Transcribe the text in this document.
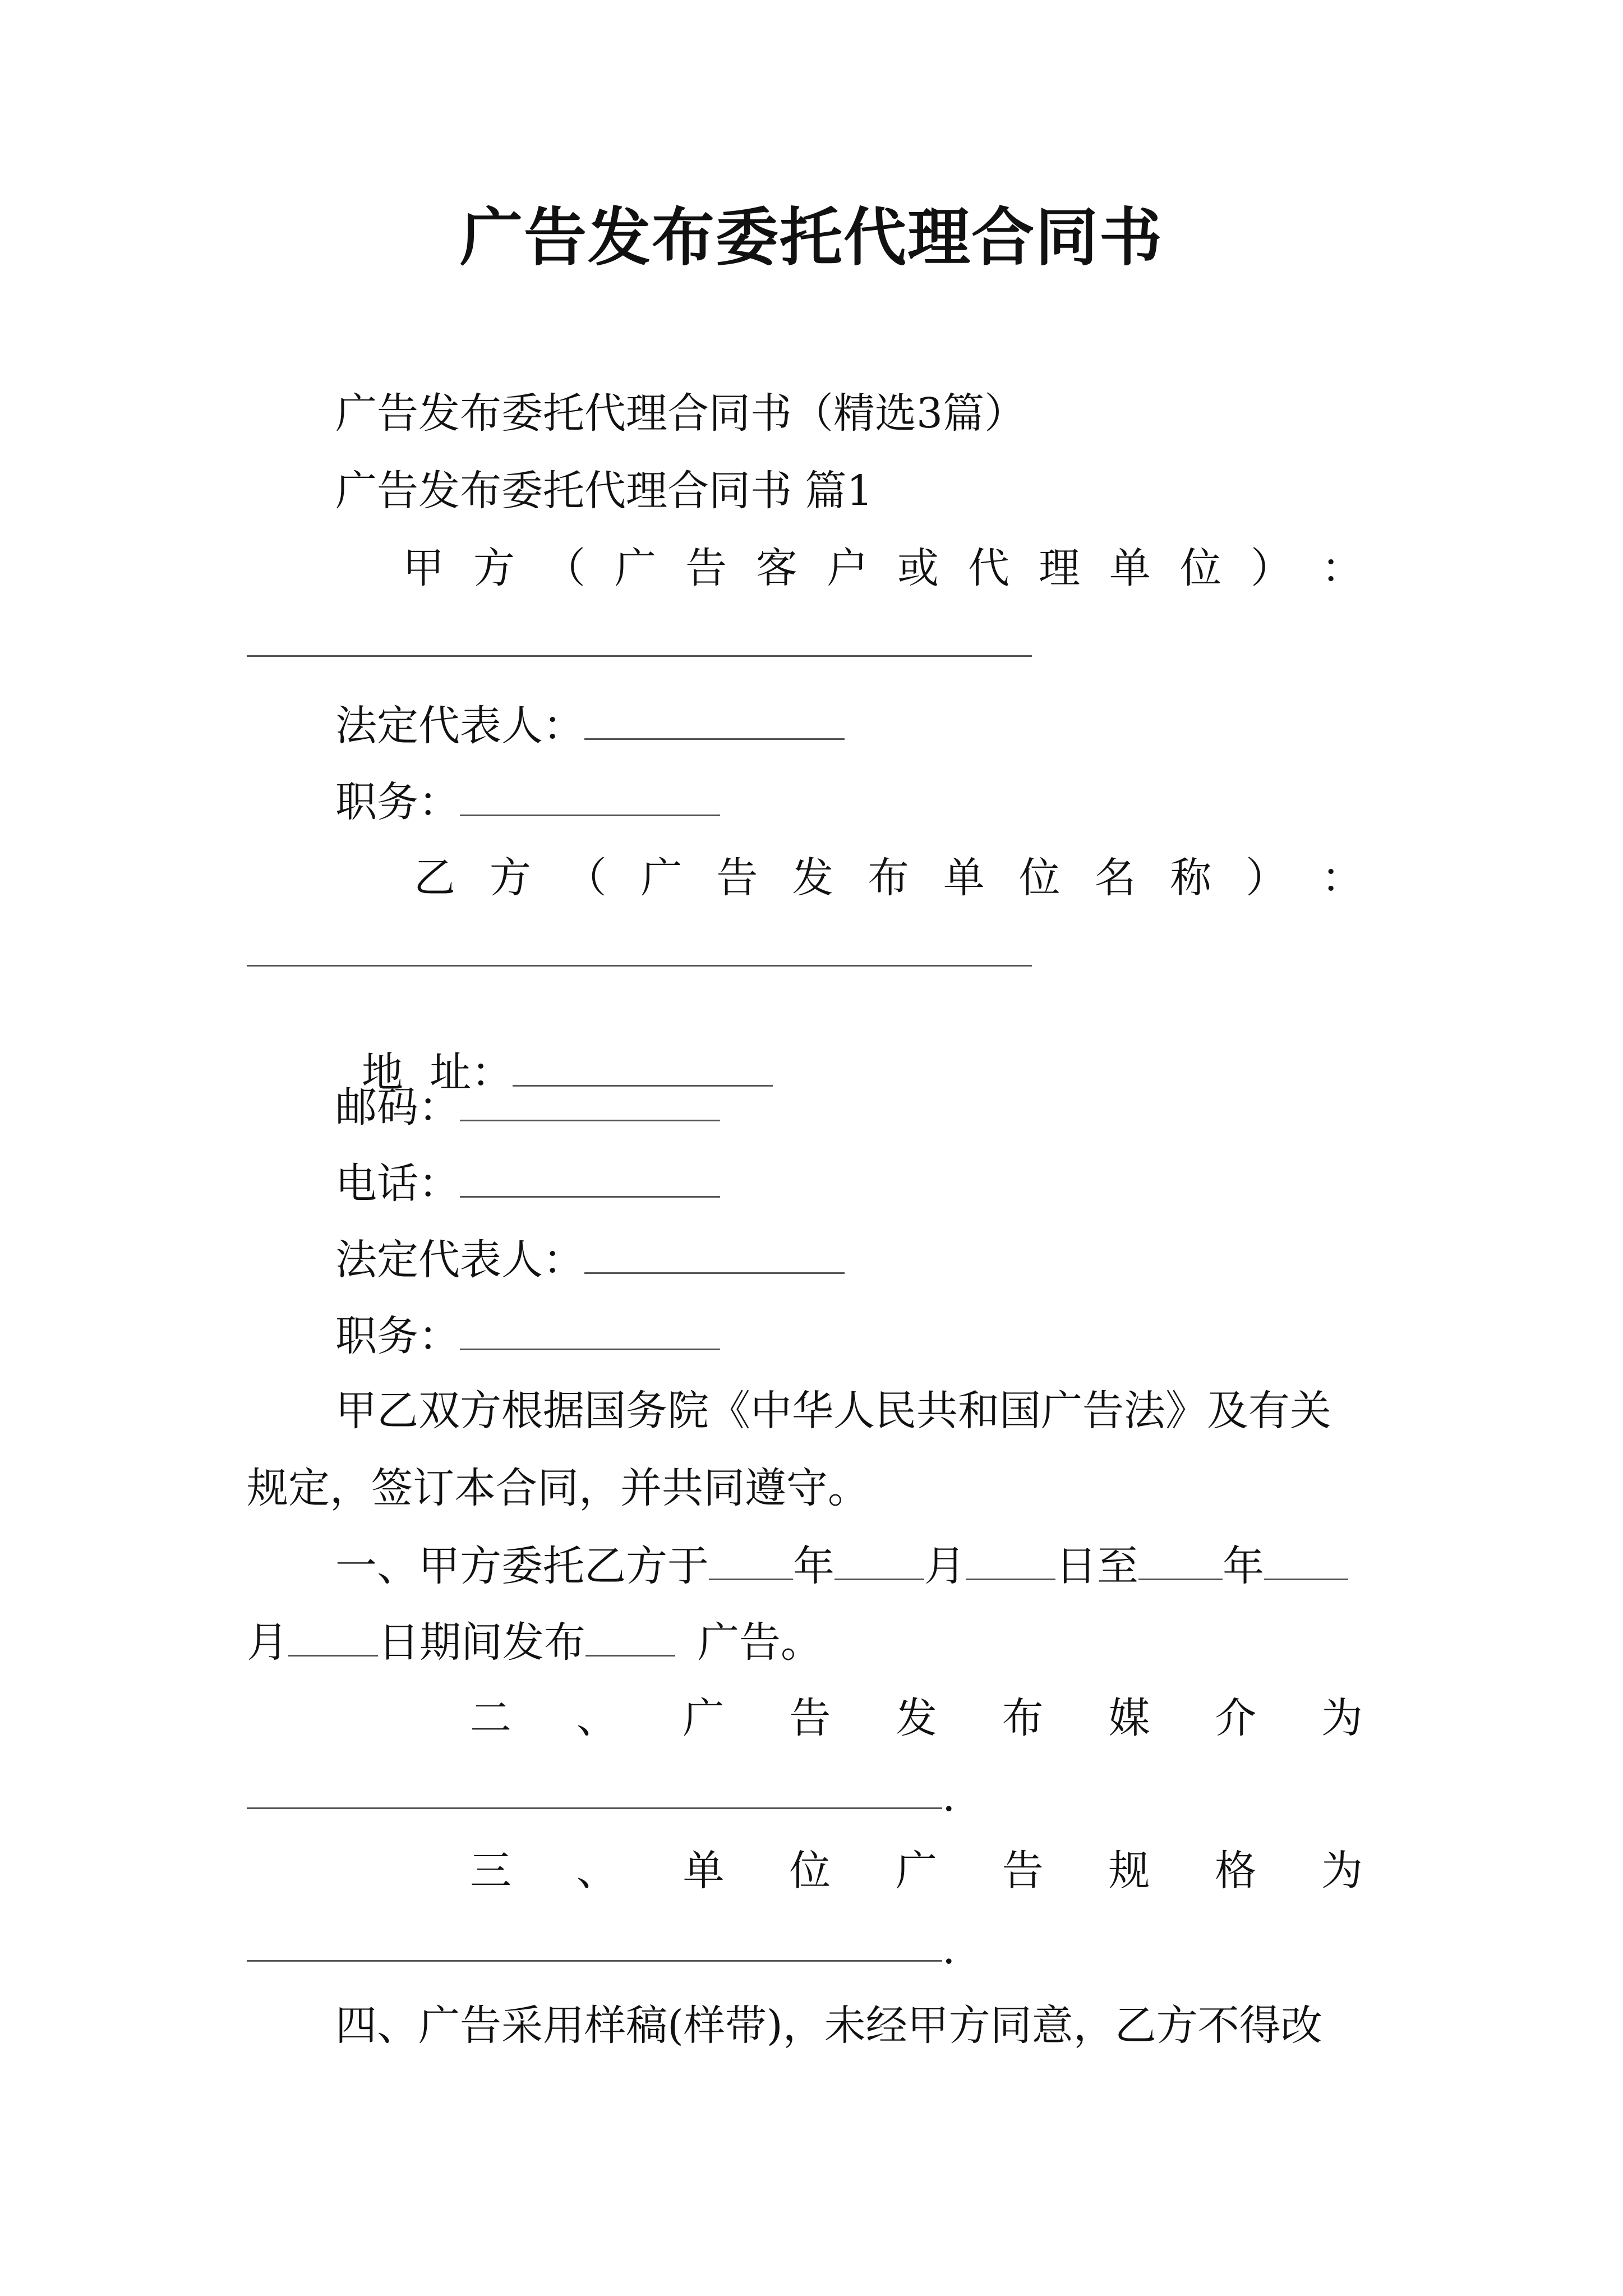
广告发布委托代理合同书
广告发布委托代理合同书（精选3篇）
广告发布委托代理合同书 篇1
甲 方 （ 广 告 客 户 或 代 理 单 位 ） ：
法定代表人：
职务：
乙 方 （ 广 告 发 布 单 位 名 称 ） ：

地  址：

邮码：
电话：
法定代表人：
职务：
甲乙双方根据国务院《中华人民共和国广告法》及有关
规定，签订本合同，并共同遵守。
一、甲方委托乙方于 年 月 日至 年
月 日期间发布	广告。
二 、 广 告 发 布 媒 介 为
.
三 、 单 位 广 告 规 格 为
.
四、广告采用样稿(样带)，未经甲方同意，乙方不得改
